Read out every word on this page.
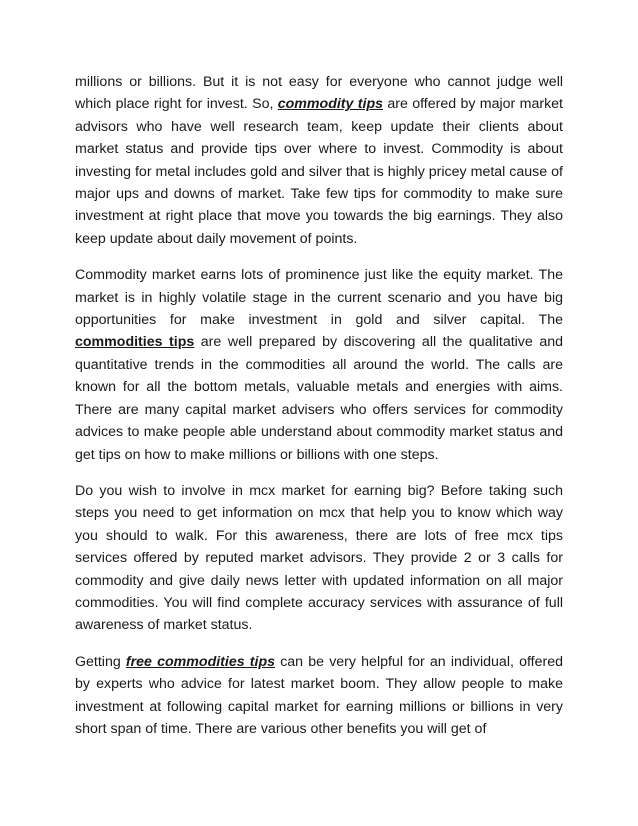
millions or billions. But it is not easy for everyone who cannot judge well which place right for invest. So, commodity tips are offered by major market advisors who have well research team, keep update their clients about market status and provide tips over where to invest. Commodity is about investing for metal includes gold and silver that is highly pricey metal cause of major ups and downs of market. Take few tips for commodity to make sure investment at right place that move you towards the big earnings. They also keep update about daily movement of points.

Commodity market earns lots of prominence just like the equity market. The market is in highly volatile stage in the current scenario and you have big opportunities for make investment in gold and silver capital. The commodities tips are well prepared by discovering all the qualitative and quantitative trends in the commodities all around the world. The calls are known for all the bottom metals, valuable metals and energies with aims. There are many capital market advisers who offers services for commodity advices to make people able understand about commodity market status and get tips on how to make millions or billions with one steps.

Do you wish to involve in mcx market for earning big? Before taking such steps you need to get information on mcx that help you to know which way you should to walk. For this awareness, there are lots of free mcx tips services offered by reputed market advisors. They provide 2 or 3 calls for commodity and give daily news letter with updated information on all major commodities. You will find complete accuracy services with assurance of full awareness of market status.

Getting free commodities tips can be very helpful for an individual, offered by experts who advice for latest market boom. They allow people to make investment at following capital market for earning millions or billions in very short span of time. There are various other benefits you will get of
